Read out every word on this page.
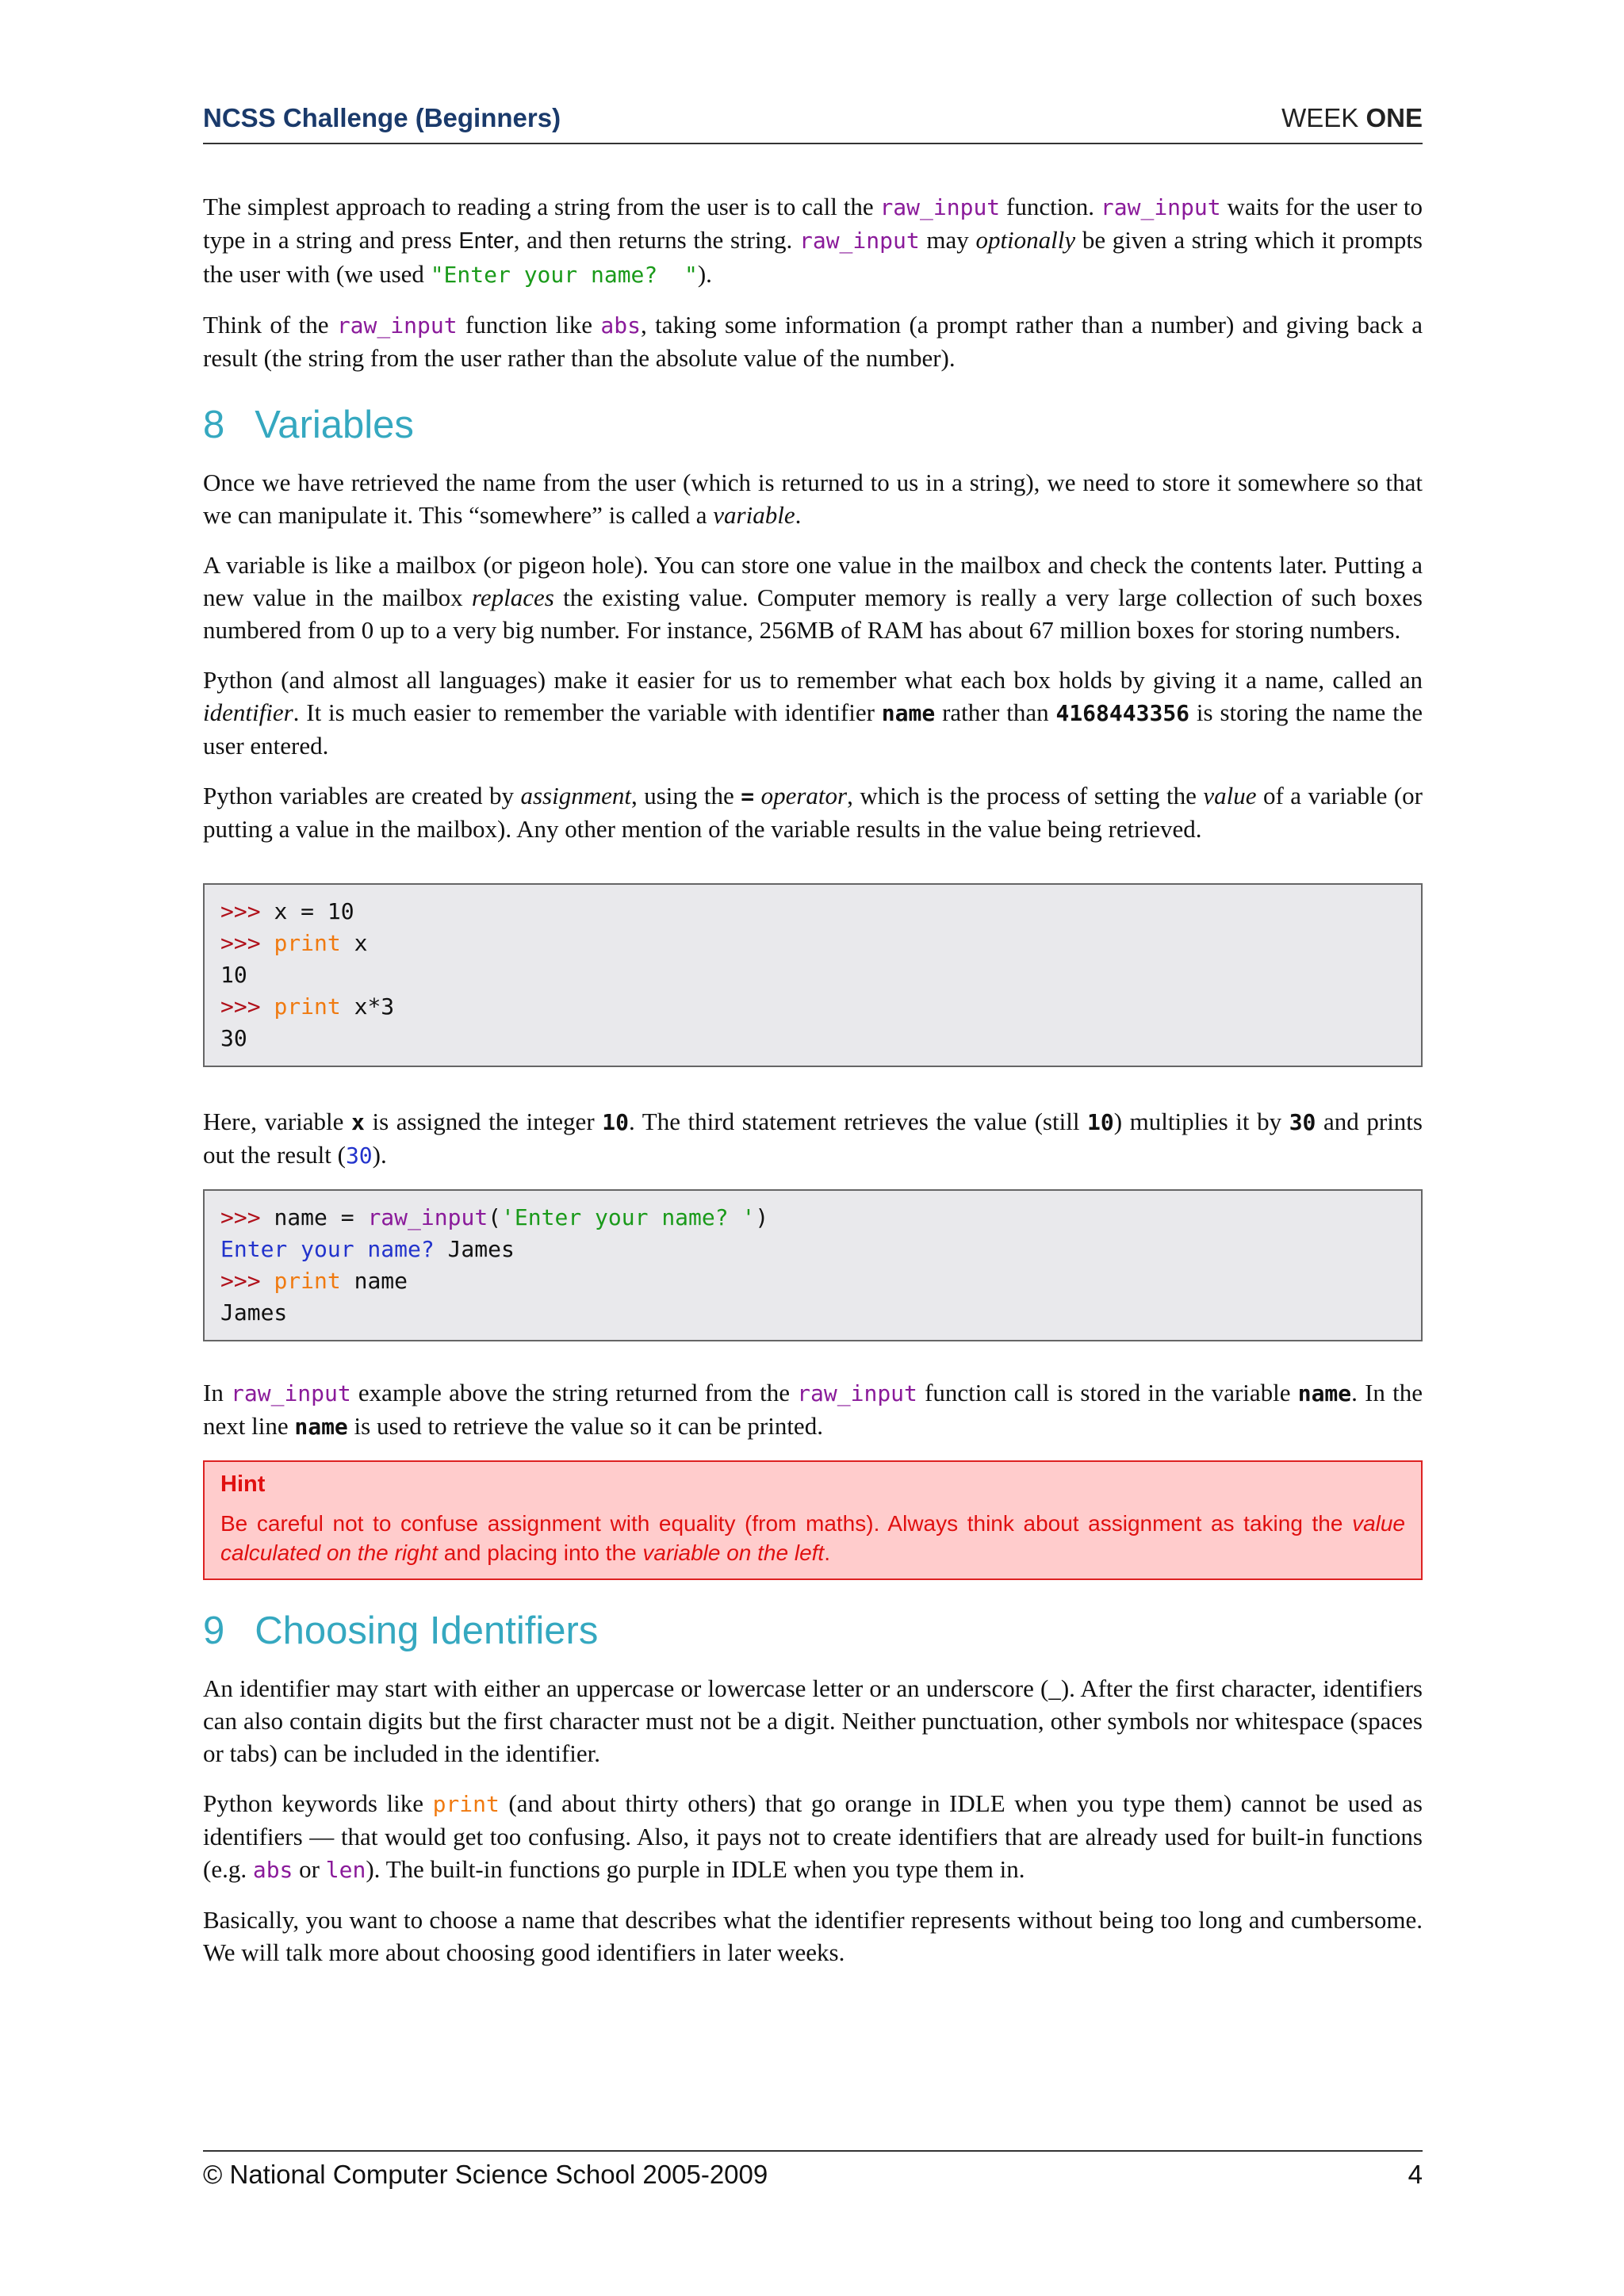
NCSS Challenge (Beginners)	WEEK ONE

The simplest approach to reading a string from the user is to call the raw_input function. raw_input waits for the user to type in a string and press Enter, and then returns the string. raw_input may optionally be given a string which it prompts the user with (we used "Enter your name?  ").

Think of the raw_input function like abs, taking some information (a prompt rather than a number) and giving back a result (the string from the user rather than the absolute value of the number).

8 Variables

Once we have retrieved the name from the user (which is returned to us in a string), we need to store it somewhere so that we can manipulate it. This “somewhere” is called a variable.

A variable is like a mailbox (or pigeon hole). You can store one value in the mailbox and check the contents later. Putting a new value in the mailbox replaces the existing value. Computer memory is really a very large collection of such boxes numbered from 0 up to a very big number. For instance, 256MB of RAM has about 67 million boxes for storing numbers.

Python (and almost all languages) make it easier for us to remember what each box holds by giving it a name, called an identifier. It is much easier to remember the variable with identifier name rather than 4168443356 is storing the name the user entered.

Python variables are created by assignment, using the = operator, which is the process of setting the value of a variable (or putting a value in the mailbox). Any other mention of the variable results in the value being retrieved.

>>> x = 10
>>> print x
10
>>> print x*3
30

Here, variable x is assigned the integer 10. The third statement retrieves the value (still 10) multiplies it by 30 and prints out the result (30).

>>> name = raw_input('Enter your name? ')
Enter your name? James
>>> print name
James

In raw_input example above the string returned from the raw_input function call is stored in the variable name. In the next line name is used to retrieve the value so it can be printed.

Hint
Be careful not to confuse assignment with equality (from maths). Always think about assignment as taking the value calculated on the right and placing into the variable on the left.
9 Choosing Identifiers

An identifier may start with either an uppercase or lowercase letter or an underscore (_). After the first character, identifiers can also contain digits but the first character must not be a digit. Neither punctuation, other symbols nor whitespace (spaces or tabs) can be included in the identifier.

Python keywords like print (and about thirty others) that go orange in IDLE when you type them) cannot be used as identifiers — that would get too confusing. Also, it pays not to create identifiers that are already used for built-in functions (e.g. abs or len). The built-in functions go purple in IDLE when you type them in.

Basically, you want to choose a name that describes what the identifier represents without being too long and cumbersome. We will talk more about choosing good identifiers in later weeks.

© National Computer Science School 2005-2009	4
